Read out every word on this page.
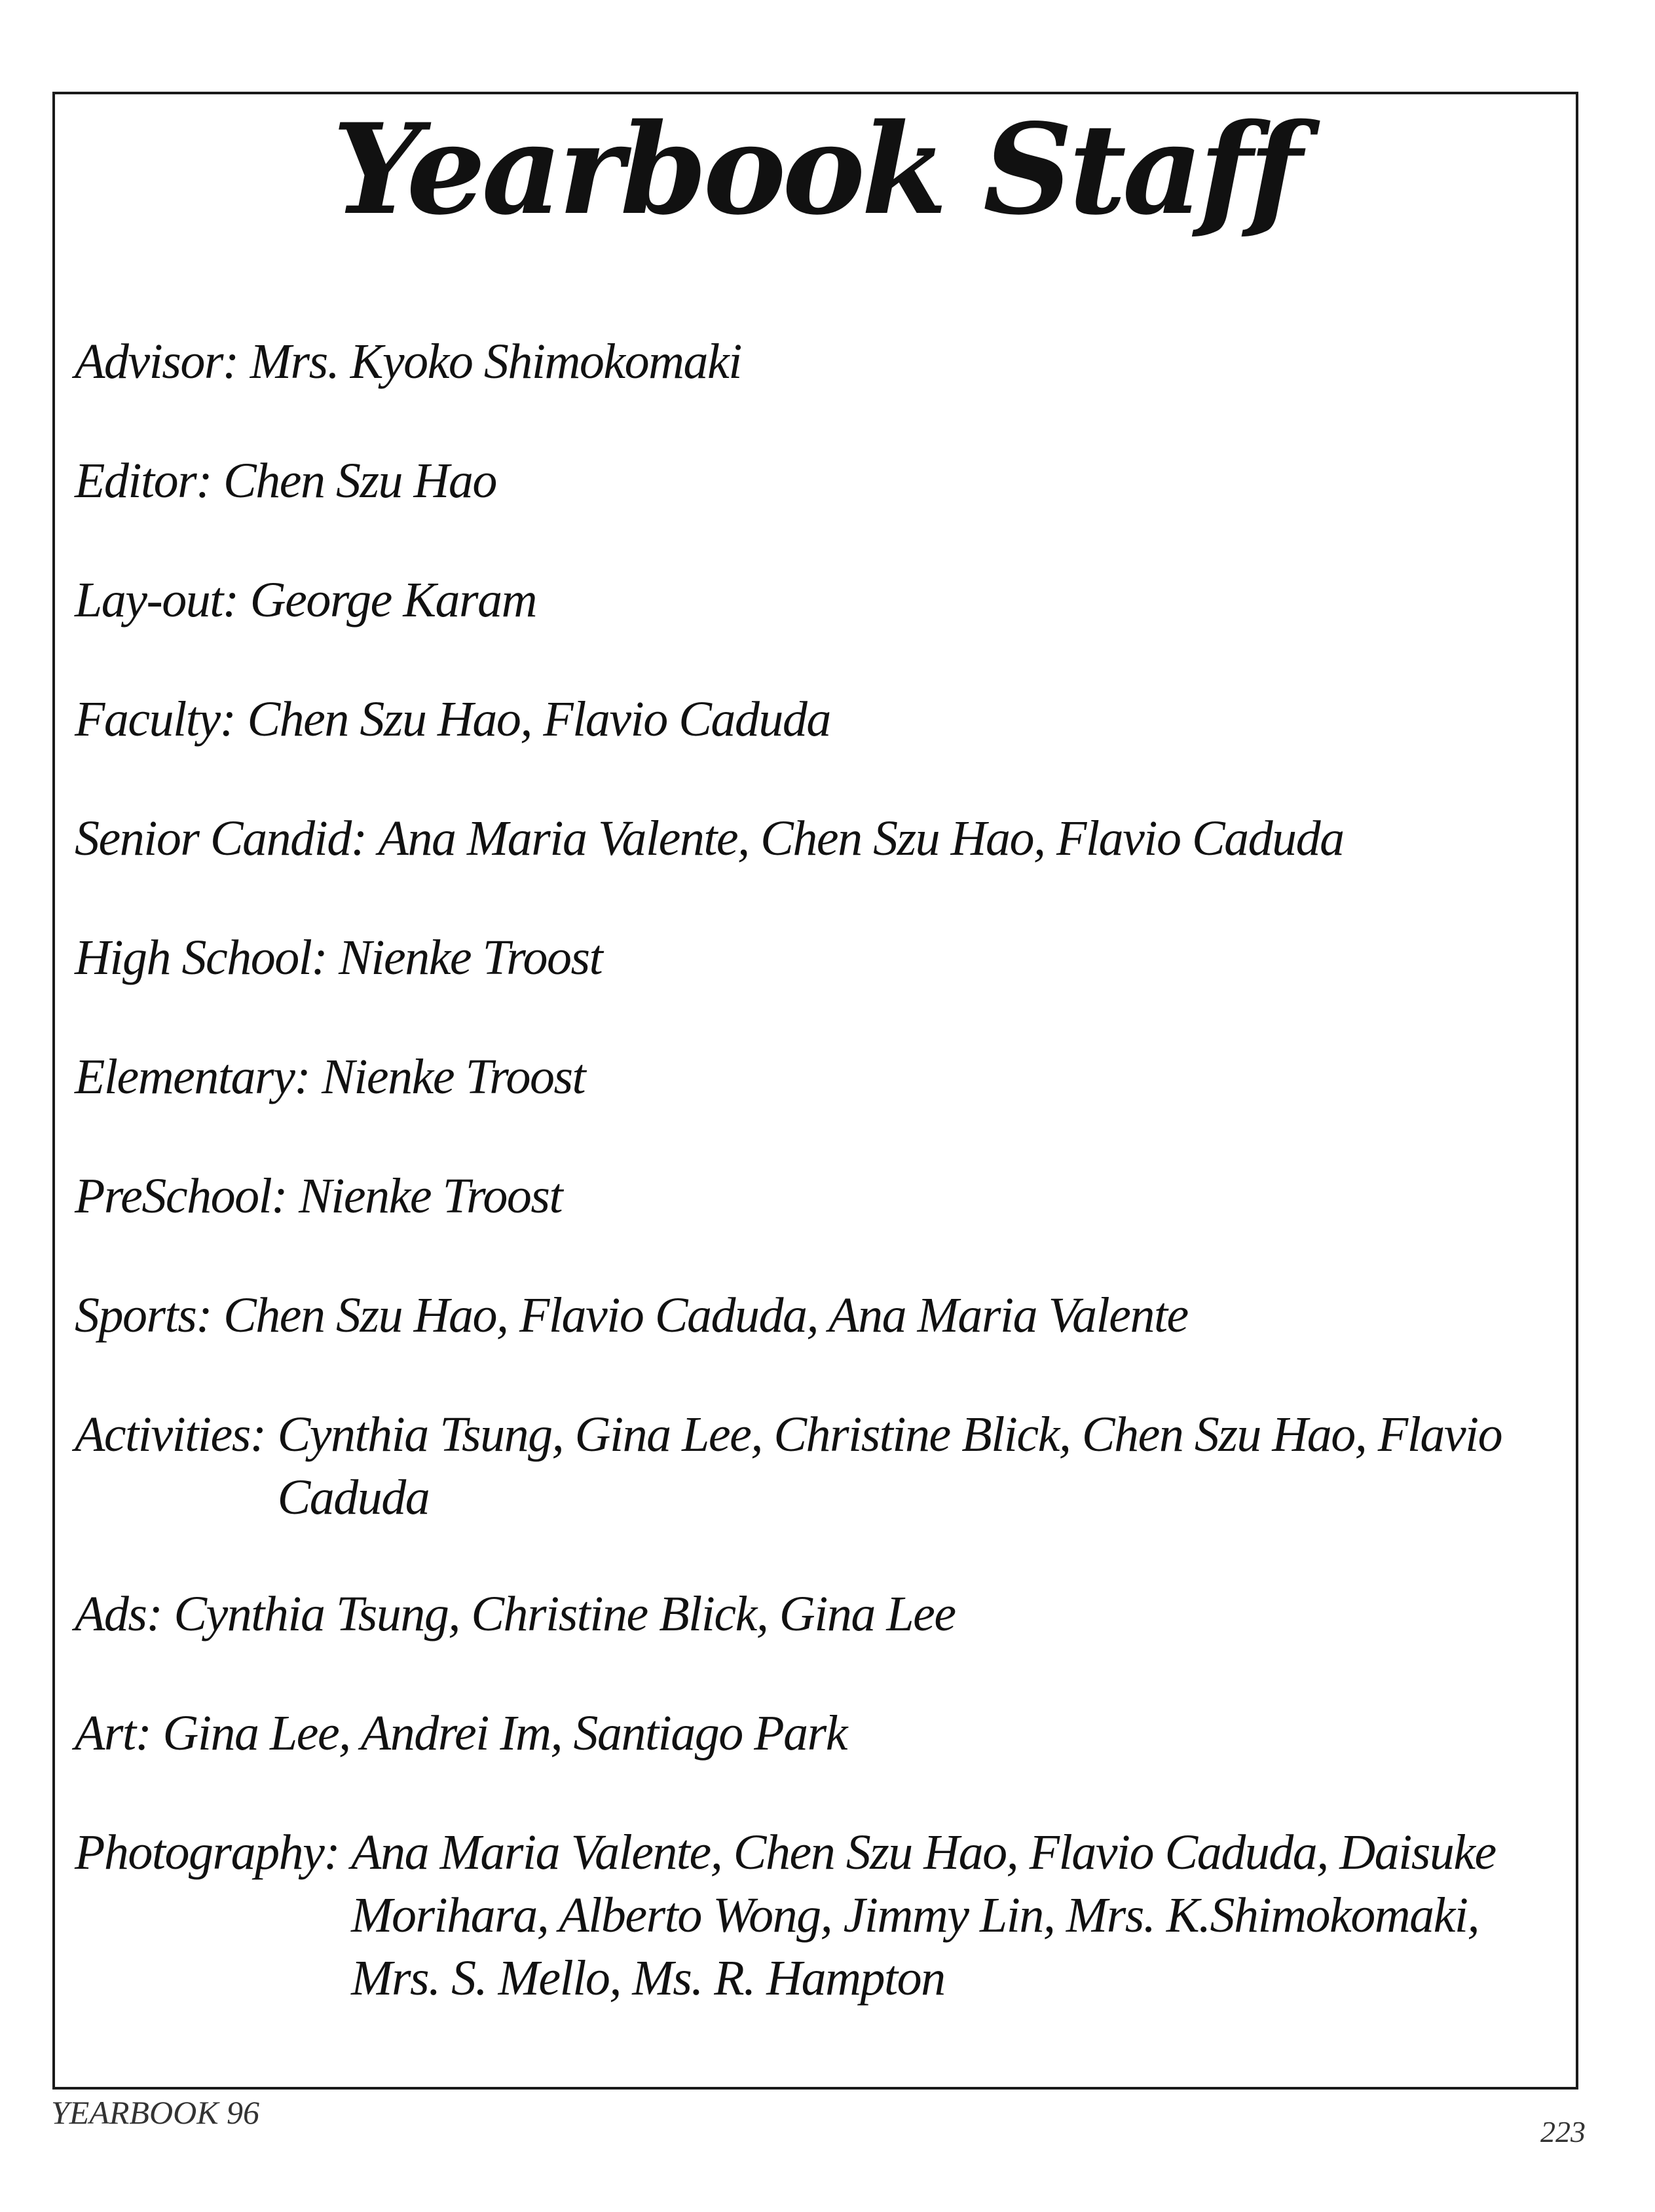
Yearbook Staff
Advisor: Mrs. Kyoko Shimokomaki
Editor: Chen Szu Hao
Lay-out: George Karam
Faculty: Chen Szu Hao, Flavio Caduda
Senior Candid: Ana Maria Valente, Chen Szu Hao, Flavio Caduda
High School: Nienke Troost
Elementary: Nienke Troost
PreSchool: Nienke Troost
Sports: Chen Szu Hao, Flavio Caduda, Ana Maria Valente
Activities: Cynthia Tsung, Gina Lee, Christine Blick, Chen Szu Hao, Flavio Caduda
Ads: Cynthia Tsung, Christine Blick, Gina Lee
Art: Gina Lee, Andrei Im, Santiago Park
Photography: Ana Maria Valente, Chen Szu Hao, Flavio Caduda, Daisuke Morihara, Alberto Wong, Jimmy Lin, Mrs. K.Shimokomaki, Mrs. S. Mello, Ms. R. Hampton
YEARBOOK 96
223
